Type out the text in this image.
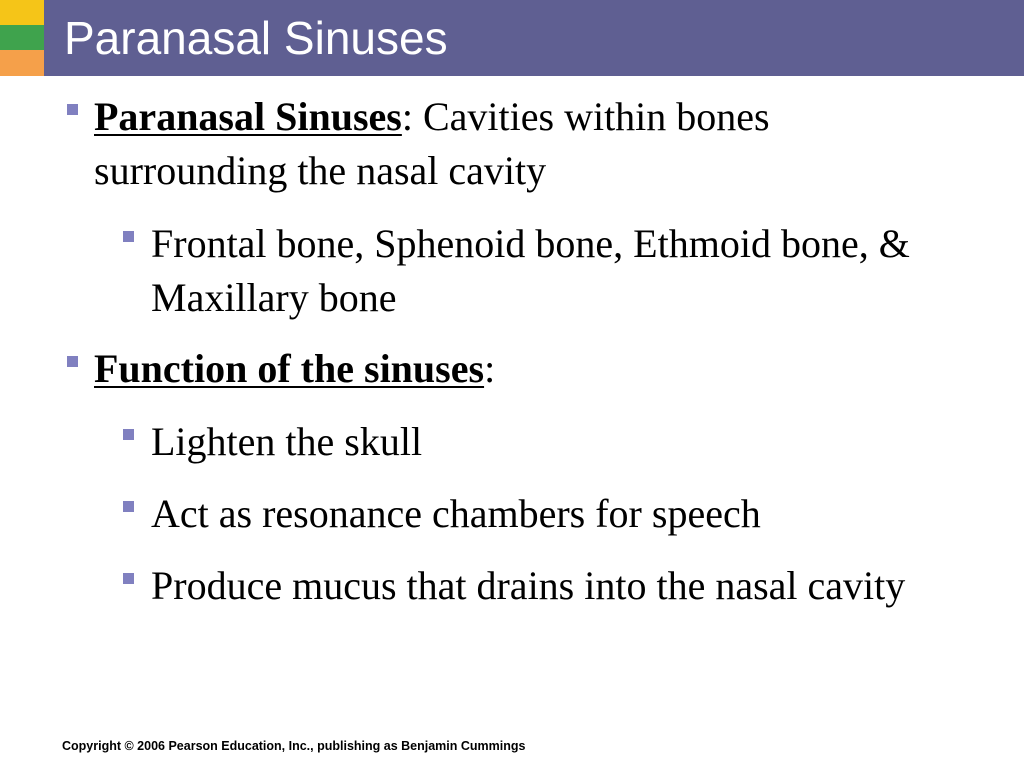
Paranasal Sinuses
Paranasal Sinuses: Cavities within bones surrounding the nasal cavity
Frontal bone, Sphenoid bone, Ethmoid bone, & Maxillary bone
Function of the sinuses:
Lighten the skull
Act as resonance chambers for speech
Produce mucus that drains into the nasal cavity
Copyright © 2006 Pearson Education, Inc., publishing as Benjamin Cummings
